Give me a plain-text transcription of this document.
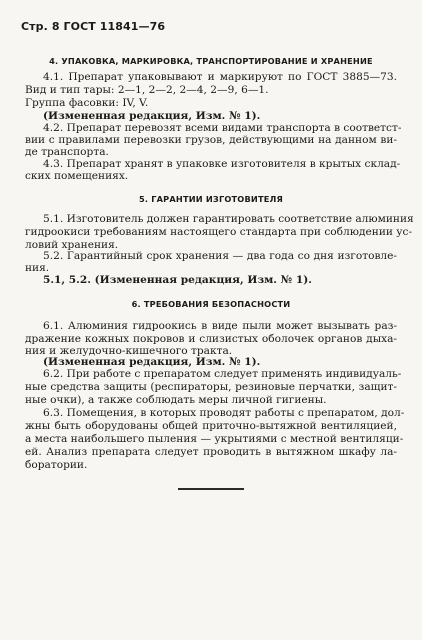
Стр. 8 ГОСТ 11841—76
4. УПАКОВКА, МАРКИРОВКА, ТРАНСПОРТИРОВАНИЕ И ХРАНЕНИЕ
4.1. Препарат упаковывают и маркируют по ГОСТ 3885—73.
Вид и тип тары: 2—1, 2—2, 2—4, 2—9, 6—1.
Группа фасовки: IV, V.
(Измененная редакция, Изм. № 1).
4.2. Препарат перевозят всеми видами транспорта в соответст-
вии с правилами перевозки грузов, действующими на данном ви-
де транспорта.
4.3. Препарат хранят в упаковке изготовителя в крытых склад-
ских помещениях.
5. ГАРАНТИИ ИЗГОТОВИТЕЛЯ
5.1. Изготовитель должен гарантировать соответствие алюминия
гидроокиси требованиям настоящего стандарта при соблюдении ус-
ловий хранения.
5.2. Гарантийный срок хранения — два года со дня изготовле-
ния.
5.1, 5.2. (Измененная редакция, Изм. № 1).
6. ТРЕБОВАНИЯ БЕЗОПАСНОСТИ
6.1. Алюминия гидроокись в виде пыли может вызывать раз-
дражение кожных покровов и слизистых оболочек органов дыха-
ния и желудочно-кишечного тракта.
(Измененная редакция, Изм. № 1).
6.2. При работе с препаратом следует применять индивидуаль-
ные средства защиты (респираторы, резиновые перчатки, защит-
ные очки), а также соблюдать меры личной гигиены.
6.3. Помещения, в которых проводят работы с препаратом, дол-
жны быть оборудованы общей приточно-вытяжной вентиляцией,
а места наибольшего пыления — укрытиями с местной вентиляци-
ей. Анализ препарата следует проводить в вытяжном шкафу ла-
боратории.
